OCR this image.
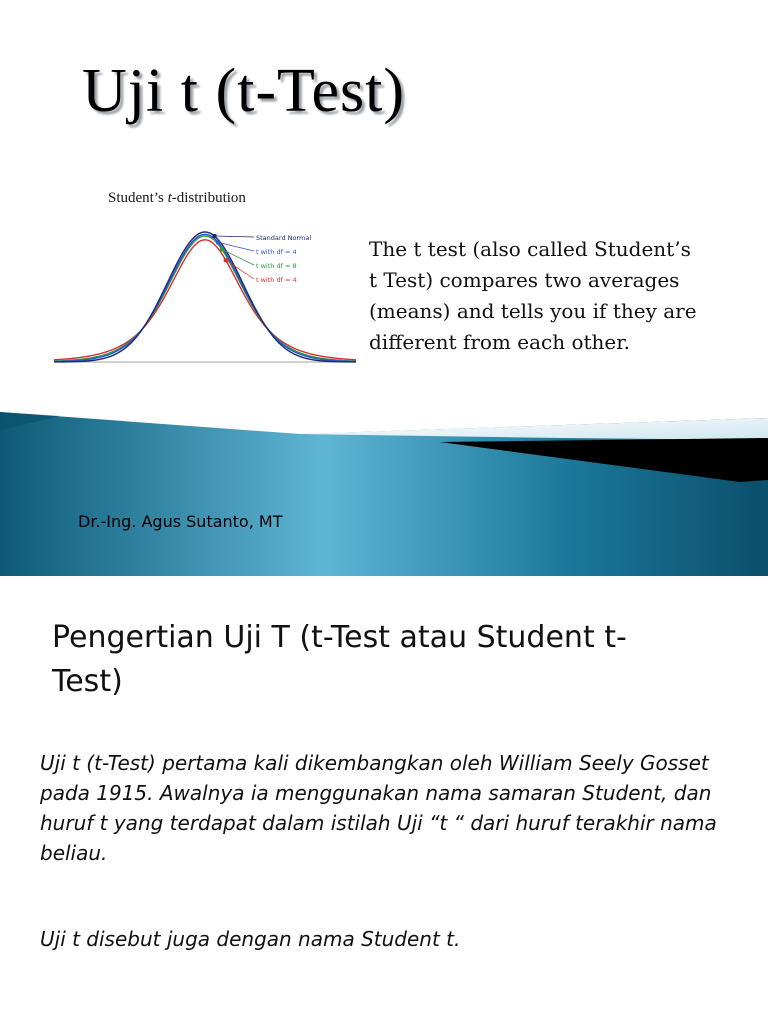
Uji t (t-Test)
Standard Normal
t with df = 4
t with df = 8
t with df = 4
Student’s t-distribution

The t test (also called Student’s t Test) compares two averages (means) and tells you if they are different from each other.

Dr.-Ing. Agus Sutanto, MT
Pengertian Uji T (t-Test atau Student t-Test)

Uji t (t-Test) pertama kali dikembangkan oleh William Seely Gosset pada 1915. Awalnya ia menggunakan nama samaran Student, dan huruf t yang terdapat dalam istilah Uji “t “ dari huruf terakhir nama beliau.

Uji t disebut juga dengan nama Student t.
